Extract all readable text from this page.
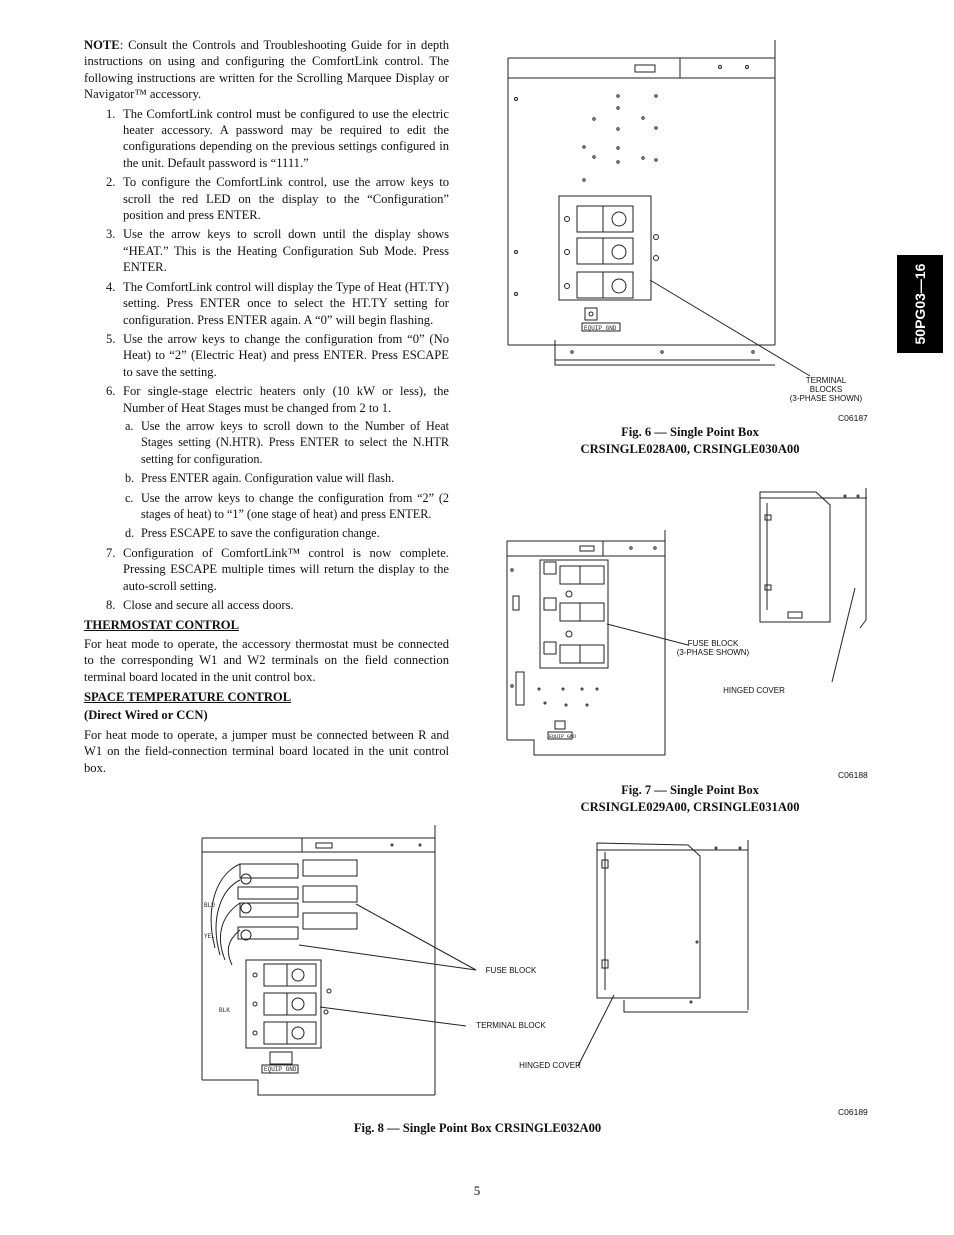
NOTE: Consult the Controls and Troubleshooting Guide for in depth instructions on using and configuring the ComfortLink control. The following instructions are written for the Scrolling Marquee Display or Navigator™ accessory.

1. The ComfortLink control must be configured to use the electric heater accessory. A password may be required to edit the configurations depending on the previous settings configured in the unit. Default password is “1111.”
2. To configure the ComfortLink control, use the arrow keys to scroll the red LED on the display to the “Configuration” position and press ENTER.
3. Use the arrow keys to scroll down until the display shows “HEAT.” This is the Heating Configuration Sub Mode. Press ENTER.
4. The ComfortLink control will display the Type of Heat (HT.TY) setting. Press ENTER once to select the HT.TY setting for configuration. Press ENTER again. A “0” will begin flashing.
5. Use the arrow keys to change the configuration from “0” (No Heat) to “2” (Electric Heat) and press ENTER. Press ESCAPE to save the setting.
6. For single-stage electric heaters only (10 kW or less), the Number of Heat Stages must be changed from 2 to 1.
a. Use the arrow keys to scroll down to the Number of Heat Stages setting (N.HTR). Press ENTER to select the N.HTR setting for configuration.
b. Press ENTER again. Configuration value will flash.
c. Use the arrow keys to change the configuration from “2” (2 stages of heat) to “1” (one stage of heat) and press ENTER.
d. Press ESCAPE to save the configuration change.
7. Configuration of ComfortLink™ control is now complete. Pressing ESCAPE multiple times will return the display to the auto-scroll setting.
8. Close and secure all access doors.
THERMOSTAT CONTROL

For heat mode to operate, the accessory thermostat must be connected to the corresponding W1 and W2 terminals on the field connection terminal board located in the unit control box.

SPACE TEMPERATURE CONTROL
(Direct Wired or CCN)

For heat mode to operate, a jumper must be connected between R and W1 on the field-connection terminal board located in the unit control box.

50PG03—16
EQUIP GND
TERMINAL
BLOCKS
(3-PHASE SHOWN)
C06187
Fig. 6 — Single Point Box
CRSINGLE028A00, CRSINGLE030A00
EQUIP GND
FUSE BLOCK
(3-PHASE SHOWN)
HINGED COVER
C06188
Fig. 7 — Single Point Box
CRSINGLE029A00, CRSINGLE031A00
BLU
YEL
BLK
EQUIP GND
FUSE BLOCK
TERMINAL BLOCK
HINGED COVER
C06189
Fig. 8 — Single Point Box CRSINGLE032A00
5
